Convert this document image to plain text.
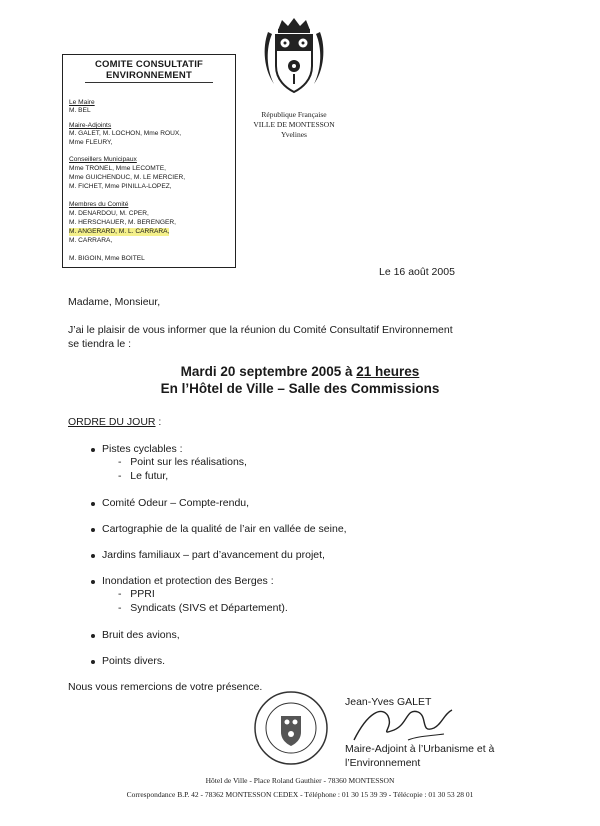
COMITE CONSULTATIF
ENVIRONNEMENT
Le Maire
M. BEL
Maire-Adjoints
M. GALET, M. LOCHON, Mme ROUX,
Mme FLEURY,
Conseillers Municipaux
Mme TRONEL, Mme LECOMTE,
Mme GUICHENDUC, M. LE MERCIER,
M. FICHET, Mme PINILLA-LOPEZ,
Membres du Comité
M. DENARDOU, M. CPER,
M. HERSCHAUER, M. BERENGER,
M. ANGERARD, M. L. CARRARA,
M. CARRARA,
M. BIGOIN, Mme BOITEL
République Française
VILLE DE MONTESSON
Yvelines
Le 16 août 2005
Madame, Monsieur,
J’ai le plaisir de vous informer que la réunion du Comité Consultatif Environnement
se tiendra le :
Mardi 20 septembre 2005 à 21 heures
En l’Hôtel de Ville – Salle des Commissions
ORDRE DU JOUR :
Pistes cyclables :
-   Point sur les réalisations,
-   Le futur,
Comité Odeur – Compte-rendu,
Cartographie de la qualité de l’air en vallée de seine,
Jardins familiaux – part d’avancement du projet,
Inondation et protection des Berges :
-   PPRI
-   Syndicats (SIVS et Département).
Bruit des avions,
Points divers.
Nous vous remercions de votre présence.
Jean-Yves GALET
Maire-Adjoint à l’Urbanisme et à
l’Environnement
Hôtel de Ville - Place Roland Gauthier - 78360 MONTESSON
Correspondance B.P. 42 - 78362 MONTESSON CEDEX - Téléphone : 01 30 15 39 39 - Télécopie : 01 30 53 28 01
